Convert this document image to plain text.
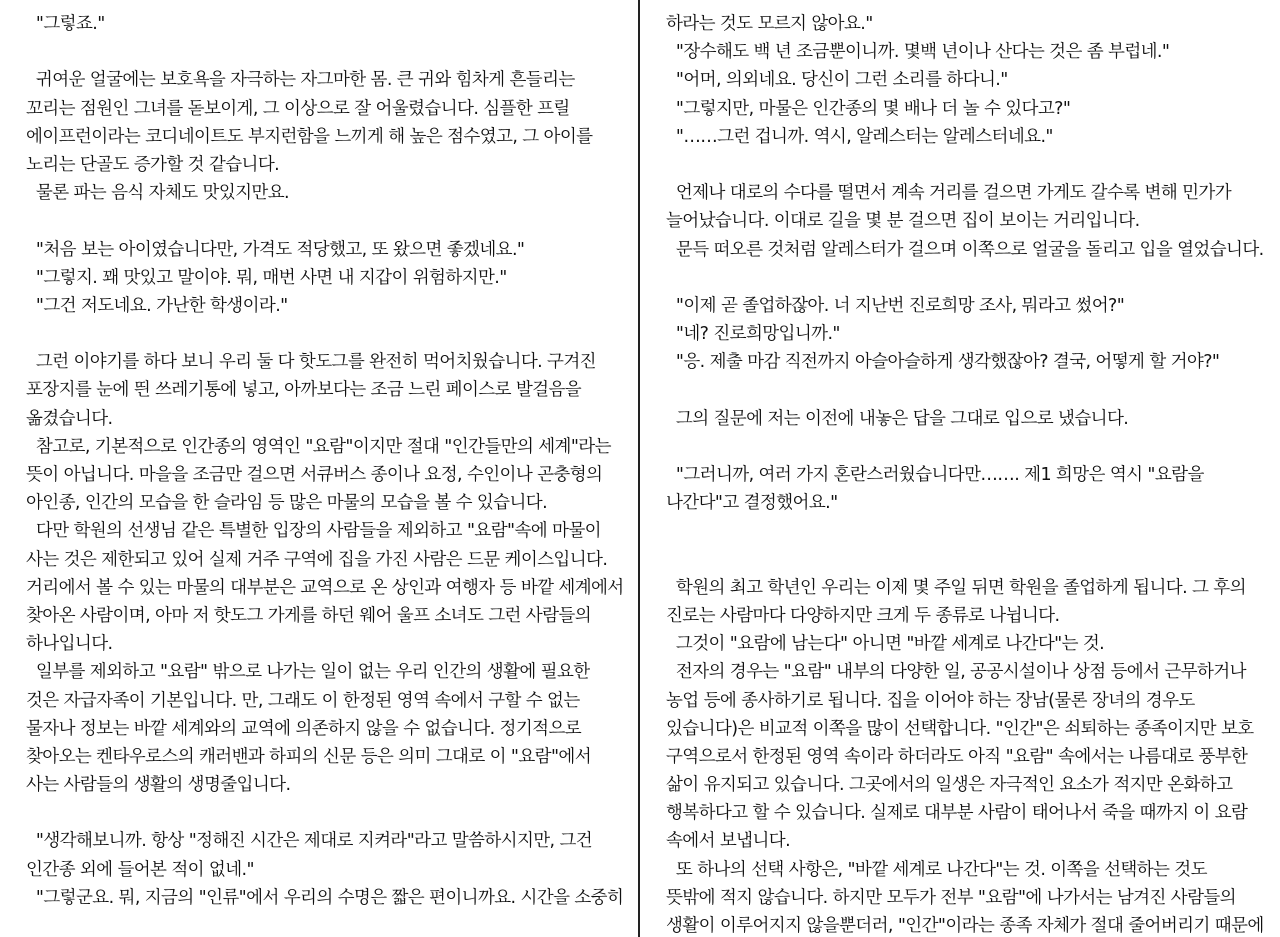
"그렇죠."
귀여운 얼굴에는 보호욕을 자극하는 자그마한 몸. 큰 귀와 힘차게 흔들리는
꼬리는 점원인 그녀를 돋보이게, 그 이상으로 잘 어울렸습니다. 심플한 프릴
에이프런이라는 코디네이트도 부지런함을 느끼게 해 높은 점수였고, 그 아이를
노리는 단골도 증가할 것 같습니다.
물론 파는 음식 자체도 맛있지만요.
"처음 보는 아이였습니다만, 가격도 적당했고, 또 왔으면 좋겠네요."
"그렇지. 꽤 맛있고 말이야. 뭐, 매번 사면 내 지갑이 위험하지만."
"그건 저도네요. 가난한 학생이라."
그런 이야기를 하다 보니 우리 둘 다 핫도그를 완전히 먹어치웠습니다. 구겨진
포장지를 눈에 띈 쓰레기통에 넣고, 아까보다는 조금 느린 페이스로 발걸음을
옮겼습니다.
참고로, 기본적으로 인간종의 영역인 "요람"이지만 절대 "인간들만의 세계"라는
뜻이 아닙니다. 마을을 조금만 걸으면 서큐버스 종이나 요정, 수인이나 곤충형의
아인종, 인간의 모습을 한 슬라임 등 많은 마물의 모습을 볼 수 있습니다.
다만 학원의 선생님 같은 특별한 입장의 사람들을 제외하고 "요람"속에 마물이
사는 것은 제한되고 있어 실제 거주 구역에 집을 가진 사람은 드문 케이스입니다.
거리에서 볼 수 있는 마물의 대부분은 교역으로 온 상인과 여행자 등 바깥 세계에서
찾아온 사람이며, 아마 저 핫도그 가게를 하던 웨어 울프 소녀도 그런 사람들의
하나입니다.
일부를 제외하고 "요람" 밖으로 나가는 일이 없는 우리 인간의 생활에 필요한
것은 자급자족이 기본입니다. 만, 그래도 이 한정된 영역 속에서 구할 수 없는
물자나 정보는 바깥 세계와의 교역에 의존하지 않을 수 없습니다. 정기적으로
찾아오는 켄타우로스의 캐러밴과 하피의 신문 등은 의미 그대로 이 "요람"에서
사는 사람들의 생활의 생명줄입니다.
"생각해보니까. 항상 "정해진 시간은 제대로 지켜라"라고 말씀하시지만, 그건
인간종 외에 들어본 적이 없네."
"그렇군요. 뭐, 지금의 "인류"에서 우리의 수명은 짧은 편이니까요. 시간을 소중히
하라는 것도 모르지 않아요."
"장수해도 백 년 조금뿐이니까. 몇백 년이나 산다는 것은 좀 부럽네."
"어머, 의외네요. 당신이 그런 소리를 하다니."
"그렇지만, 마물은 인간종의 몇 배나 더 놀 수 있다고?"
"……그런 겁니까. 역시, 알레스터는 알레스터네요."
언제나 대로의 수다를 떨면서 계속 거리를 걸으면 가게도 갈수록 변해 민가가
늘어났습니다. 이대로 길을 몇 분 걸으면 집이 보이는 거리입니다.
문득 떠오른 것처럼 알레스터가 걸으며 이쪽으로 얼굴을 돌리고 입을 열었습니다.
"이제 곧 졸업하잖아. 너 지난번 진로희망 조사, 뭐라고 썼어?"
"네? 진로희망입니까."
"응. 제출 마감 직전까지 아슬아슬하게 생각했잖아? 결국, 어떻게 할 거야?"
그의 질문에 저는 이전에 내놓은 답을 그대로 입으로 냈습니다.
"그러니까, 여러 가지 혼란스러웠습니다만……. 제1 희망은 역시 "요람을
나간다"고 결정했어요."
학원의 최고 학년인 우리는 이제 몇 주일 뒤면 학원을 졸업하게 됩니다. 그 후의
진로는 사람마다 다양하지만 크게 두 종류로 나뉩니다.
그것이 "요람에 남는다" 아니면 "바깥 세계로 나간다"는 것.
전자의 경우는 "요람" 내부의 다양한 일, 공공시설이나 상점 등에서 근무하거나
농업 등에 종사하기로 됩니다. 집을 이어야 하는 장남(물론 장녀의 경우도
있습니다)은 비교적 이쪽을 많이 선택합니다. "인간"은 쇠퇴하는 종족이지만 보호
구역으로서 한정된 영역 속이라 하더라도 아직 "요람" 속에서는 나름대로 풍부한
삶이 유지되고 있습니다. 그곳에서의 일생은 자극적인 요소가 적지만 온화하고
행복하다고 할 수 있습니다. 실제로 대부분 사람이 태어나서 죽을 때까지 이 요람
속에서 보냅니다.
또 하나의 선택 사항은, "바깥 세계로 나간다"는 것. 이쪽을 선택하는 것도
뜻밖에 적지 않습니다. 하지만 모두가 전부 "요람"에 나가서는 남겨진 사람들의
생활이 이루어지지 않을뿐더러, "인간"이라는 종족 자체가 절대 줄어버리기 때문에
